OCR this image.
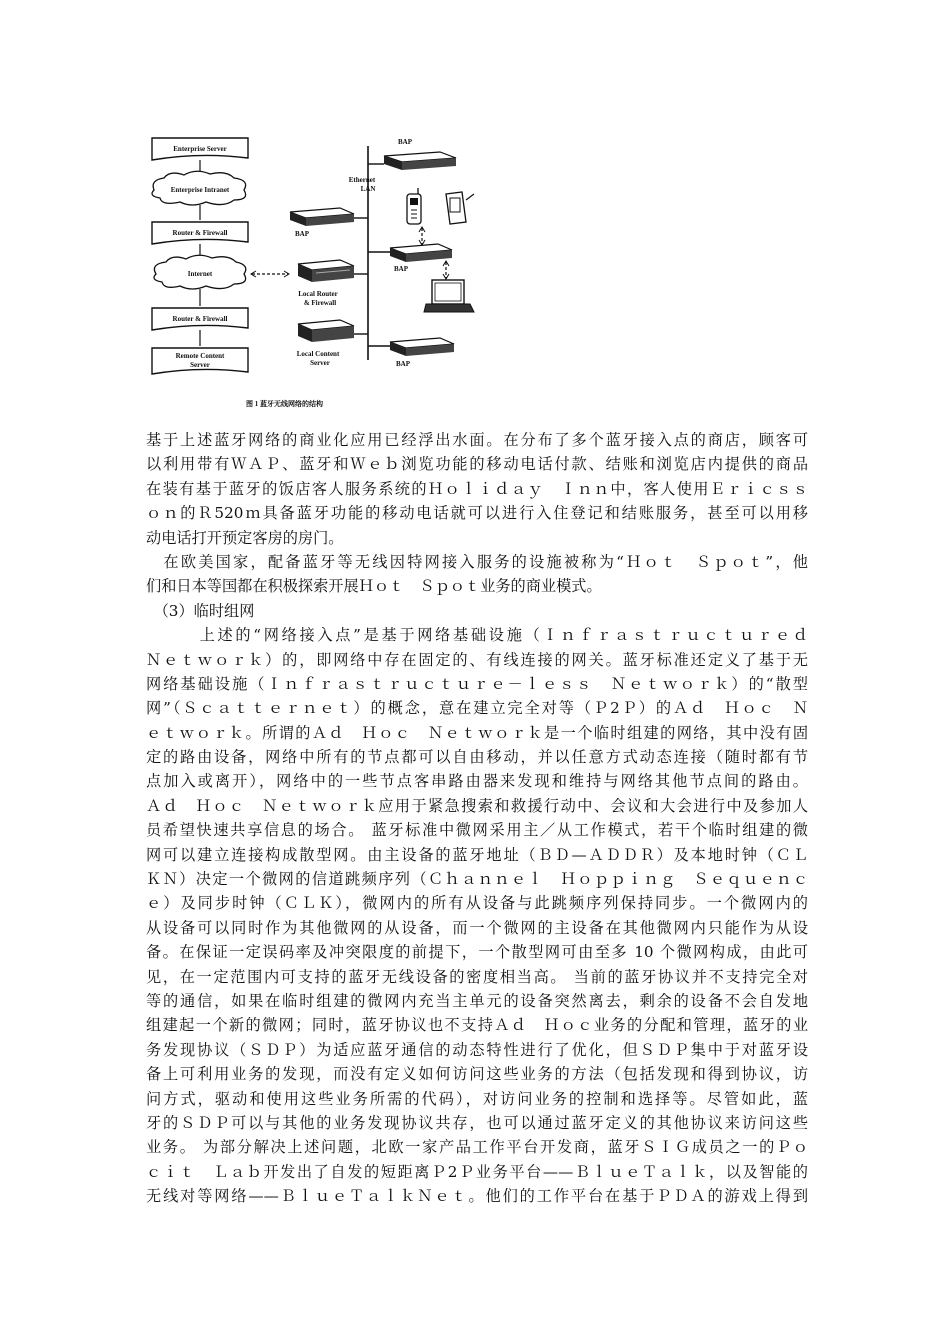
Enterprise Server
Enterprise Intranet
Router & Firewall
Internet
Router & Firewall
Remote Content
Server
Ethernet
LAN
BAP
BAP
BAP
Local Router
& Firewall
Local Content
Server	BAP
图 1 蓝牙无线网络的结构
基于上述蓝牙网络的商业化应用已经浮出水面。在分布了多个蓝牙接入点的商店，顾客可
以利用带有ＷＡＰ、蓝牙和Ｗｅｂ浏览功能的移动电话付款、结账和浏览店内提供的商品
在装有基于蓝牙的饭店客人服务系统的Ｈｏｌｉｄａｙ　Ｉｎｎ中，客人使用Ｅｒｉｃｓｓ
ｏｎ的Ｒ520ｍ具备蓝牙功能的移动电话就可以进行入住登记和结账服务，甚至可以用移
动电话打开预定客房的房门。
　在欧美国家，配备蓝牙等无线因特网接入服务的设施被称为“Ｈｏｔ　Ｓｐｏｔ”，他
们和日本等国都在积极探索开展Ｈｏｔ　Ｓｐｏｔ业务的商业模式。
　（3）临时组网
　　　上述的“网络接入点”是基于网络基础设施（Ｉｎｆｒａｓｔｒｕｃｔｕｒｅｄ
Ｎｅｔｗｏｒｋ）的，即网络中存在固定的、有线连接的网关。蓝牙标准还定义了基于无
网络基础设施（Ｉｎｆｒａｓｔｒｕｃｔｕｒｅ－ｌｅｓｓ　Ｎｅｔｗｏｒｋ）的“散型
网”（Ｓｃａｔｔｅｒｎｅｔ）的概念，意在建立完全对等（Ｐ2Ｐ）的Ａｄ　Ｈｏｃ　Ｎ
ｅｔｗｏｒｋ。所谓的Ａｄ　Ｈｏｃ　Ｎｅｔｗｏｒｋ是一个临时组建的网络，其中没有固
定的路由设备，网络中所有的节点都可以自由移动，并以任意方式动态连接（随时都有节
点加入或离开），网络中的一些节点客串路由器来发现和维持与网络其他节点间的路由。
Ａｄ　Ｈｏｃ　Ｎｅｔｗｏｒｋ应用于紧急搜索和救援行动中、会议和大会进行中及参加人
员希望快速共享信息的场合。 蓝牙标准中微网采用主／从工作模式，若干个临时组建的微
网可以建立连接构成散型网。由主设备的蓝牙地址（ＢＤ—ＡＤＤＲ）及本地时钟（ＣＬ
ＫＮ）决定一个微网的信道跳频序列（Ｃｈａｎｎｅｌ　Ｈｏｐｐｉｎｇ　Ｓｅｑｕｅｎｃ
ｅ）及同步时钟（ＣＬＫ），微网内的所有从设备与此跳频序列保持同步。一个微网内的
从设备可以同时作为其他微网的从设备，而一个微网的主设备在其他微网内只能作为从设
备。在保证一定误码率及冲突限度的前提下，一个散型网可由至多 10 个微网构成，由此可
见，在一定范围内可支持的蓝牙无线设备的密度相当高。 当前的蓝牙协议并不支持完全对
等的通信，如果在临时组建的微网内充当主单元的设备突然离去，剩余的设备不会自发地
组建起一个新的微网；同时，蓝牙协议也不支持Ａｄ　Ｈｏｃ业务的分配和管理，蓝牙的业
务发现协议（ＳＤＰ）为适应蓝牙通信的动态特性进行了优化，但ＳＤＰ集中于对蓝牙设
备上可利用业务的发现，而没有定义如何访问这些业务的方法（包括发现和得到协议，访
问方式，驱动和使用这些业务所需的代码），对访问业务的控制和选择等。尽管如此，蓝
牙的ＳＤＰ可以与其他的业务发现协议共存，也可以通过蓝牙定义的其他协议来访问这些
业务。 为部分解决上述问题，北欧一家产品工作平台开发商，蓝牙ＳＩＧ成员之一的Ｐｏ
ｃｉｔ　Ｌａｂ开发出了自发的短距离Ｐ2Ｐ业务平台——ＢｌｕｅＴａｌｋ，以及智能的
无线对等网络——ＢｌｕｅＴａｌｋＮｅｔ。他们的工作平台在基于ＰＤＡ的游戏上得到
